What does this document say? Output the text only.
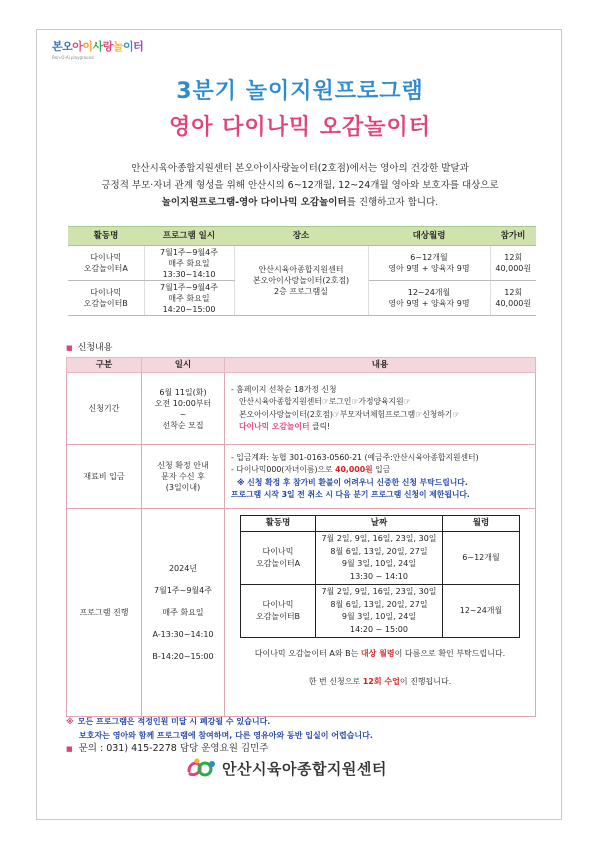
본오아이사랑놀이터
Bon-O-Ai playground
3분기 놀이지원프로그램
영아 다이나믹 오감놀이터
안산시육아종합지원센터 본오아이사랑놀이터(2호점)에서는 영아의 건강한 발달과
긍정적 부모·자녀 관계 형성을 위해 안산시의 6~12개월, 12~24개월 영아와 보호자를 대상으로
놀이지원프로그램-영아 다이나믹 오감놀이터를 진행하고자 합니다.
활동명	프로그램 일시	장소	대상월령	참가비
다이나믹
오감놀이터A	7월1주~9월4주
매주 화요일
13:30~14:10	안산시육아종합지원센터
본오아이사랑놀이터(2호점)
2층 프로그램실	6~12개월
영아 9명 + 양육자 9명	12회
40,000원
다이나믹
오감놀이터B	7월1주~9월4주
매주 화요일
14:20~15:00		12~24개월
영아 9명 + 양육자 9명	12회
40,000원
■ 신청내용
구분	일시	내용
신청기간	6월 11일(화)
오전 10:00부터
~
선착순 모집	
- 홈페이지 선착순 18가정 신청
안산시육아종합지원센터☞로그인☞가정양육지원☞
본오아이사랑놀이터(2호점)☞부모자녀체험프로그램☞신청하기☞
다이나믹 오감놀이터 클릭!

재료비 입금	신청 확정 안내
문자 수신 후
(3일이내)	
- 입금계좌: 농협 301-0163-0560-21 (예금주:안산시육아종합지원센터)
- 다이나믹000(자녀이름)으로 40,000원 입금
※ 신청 확정 후 참가비 환불이 어려우니 신중한 신청 부탁드립니다.
프로그램 시작 3일 전 취소 시 다음 분기 프로그램 신청이 제한됩니다.

프로그램 진행	
2024년
7월1주~9월4주
매주 화요일
A-13:30~14:10
B-14:20~15:00

활동명	날짜	월령
다이나믹
오감놀이터A	7월 2일, 9일, 16일, 23일, 30일
8월 6일, 13일, 20일, 27일
9월 3일, 10일, 24일
13:30 ~ 14:10	6~12개월
다이나믹
오감놀이터B	7월 2일, 9일, 16일, 23일, 30일
8월 6일, 13일, 20일, 27일
9월 3일, 10일, 24일
14:20 ~ 15:00	12~24개월
다이나믹 오감놀이터 A와 B는 대상 월령이 다름으로 확인 부탁드립니다.
한 번 신청으로 12회 수업이 진행됩니다.
※ 모든 프로그램은 적정인원 미달 시 폐강될 수 있습니다.
보호자는 영아와 함께 프로그램에 참여하며, 다른 영유아와 동반 입실이 어렵습니다.
■ 문의 : 031) 415-2278 담당 운영요원 김민주
안산시육아종합지원센터
